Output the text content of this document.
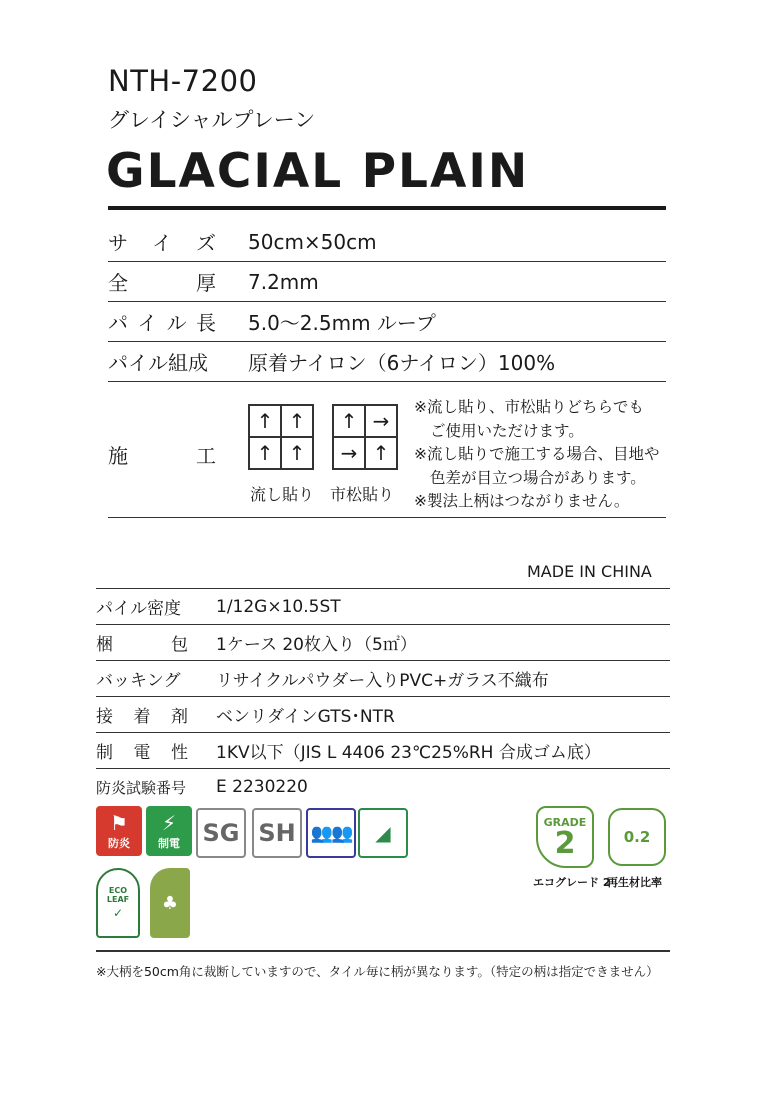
NTH-7200
グレイシャルプレーン
GLACIAL PLAIN
サ イ ズ 50cm×50cm
全	厚 7.2mm
パ イ ル 長 5.0〜2.5mm ループ
パイル組成 原着ナイロン（6ナイロン）100%
施	工
↑ ↑
↑ ↑
↑ →
→ ↑
流し貼り 市松貼り
※流し貼り、市松貼りどちらでも
ご使用いただけます。
※流し貼りで施工する場合、目地や
色差が目立つ場合があります。
※製法上柄はつながりません。
MADE IN CHINA
パイル密度 1/12G×10.5ST
梱	包 1ケース 20枚入り（5㎡）
バッキング リサイクルパウダー入りPVC+ガラス不織布
接 着 剤 ベンリダインGTS･NTR
制 電 性 1KV以下（JIS L 4406 23℃25%RH 合成ゴム底）
防炎試験番号 E 2230220
⚑
防炎
⚡
制電 SG SH 👥👥	◢
ECO
LEAF
✓ ♣
GRADE
2
エコグレード 2
0.2
再生材比率
※大柄を50cm角に裁断していますので、タイル毎に柄が異なります。（特定の柄は指定できません）
